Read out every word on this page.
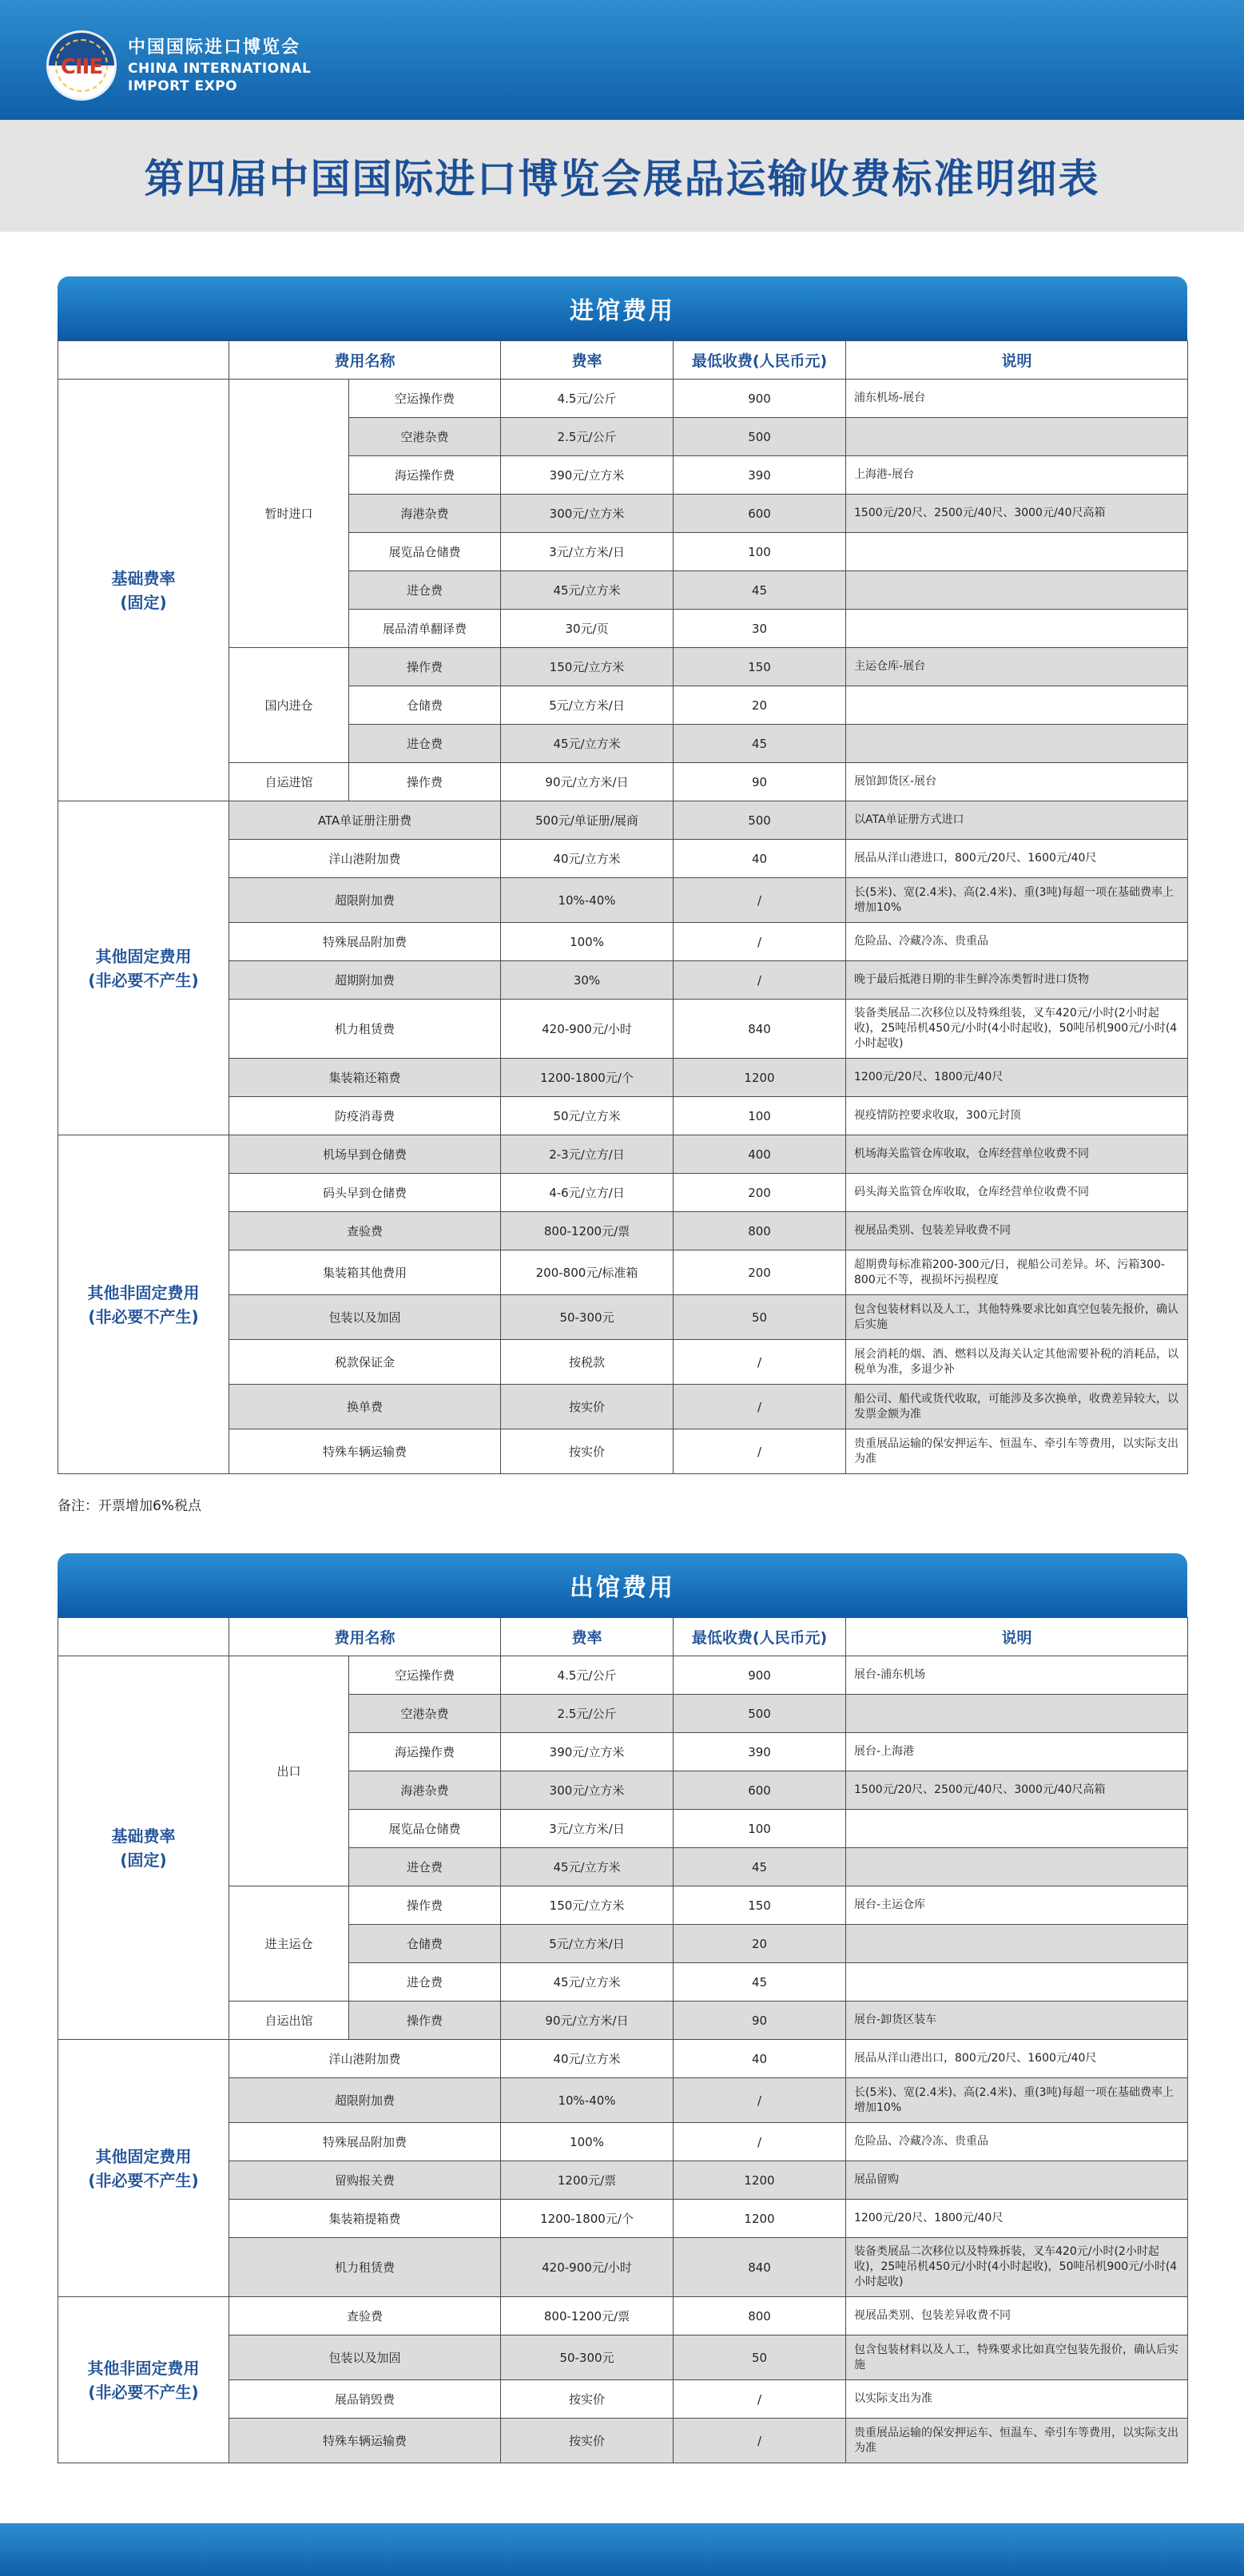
CIIE
中国国际进口博览会
CHINA INTERNATIONAL
IMPORT EXPO
第四届中国国际进口博览会展品运输收费标准明细表
进馆费用
	费用名称		费率	最低收费(人民币元)	说明
基础费率
(固定)	暂时进口	空运操作费	4.5元/公斤	900	浦东机场-展台
		空港杂费	2.5元/公斤	500	
		海运操作费	390元/立方米	390	上海港-展台
		海港杂费	300元/立方米	600	1500元/20尺、2500元/40尺、3000元/40尺高箱
		展览品仓储费	3元/立方米/日	100	
		进仓费	45元/立方米	45	
		展品清单翻译费	30元/页	30	
	国内进仓	操作费	150元/立方米	150	主运仓库-展台
		仓储费	5元/立方米/日	20	
		进仓费	45元/立方米	45	
	自运进馆	操作费	90元/立方米/日	90	展馆卸货区-展台
其他固定费用
(非必要不产生)	ATA单证册注册费		500元/单证册/展商	500	以ATA单证册方式进口
	洋山港附加费		40元/立方米	40	展品从洋山港进口，800元/20尺、1600元/40尺
	超限附加费		10%-40%	/	长(5米)、宽(2.4米)、高(2.4米)、重(3吨)每超一项在基础费率上增加10%
	特殊展品附加费		100%	/	危险品、冷藏冷冻、贵重品
	超期附加费		30%	/	晚于最后抵港日期的非生鲜冷冻类暂时进口货物
	机力租赁费		420-900元/小时	840	装备类展品二次移位以及特殊组装，叉车420元/小时(2小时起收)，25吨吊机450元/小时(4小时起收)，50吨吊机900元/小时(4小时起收)
	集装箱还箱费		1200-1800元/个	1200	1200元/20尺、1800元/40尺
	防疫消毒费		50元/立方米	100	视疫情防控要求收取，300元封顶
其他非固定费用
(非必要不产生)	机场早到仓储费		2-3元/立方/日	400	机场海关监管仓库收取，仓库经营单位收费不同
	码头早到仓储费		4-6元/立方/日	200	码头海关监管仓库收取，仓库经营单位收费不同
	查验费		800-1200元/票	800	视展品类别、包装差异收费不同
	集装箱其他费用		200-800元/标准箱	200	超期费每标准箱200-300元/日，视船公司差异。坏、污箱300-800元不等，视损坏污损程度
	包装以及加固		50-300元	50	包含包装材料以及人工，其他特殊要求比如真空包装先报价，确认后实施
	税款保证金		按税款	/	展会消耗的烟、酒、燃料以及海关认定其他需要补税的消耗品，以税单为准，多退少补
	换单费		按实价	/	船公司、船代或货代收取，可能涉及多次换单，收费差异较大，以发票金额为准
	特殊车辆运输费		按实价	/	贵重展品运输的保安押运车、恒温车、牵引车等费用，以实际支出为准
备注：开票增加6%税点
出馆费用
	费用名称		费率	最低收费(人民币元)	说明
基础费率
(固定)	出口	空运操作费	4.5元/公斤	900	展台-浦东机场
		空港杂费	2.5元/公斤	500	
		海运操作费	390元/立方米	390	展台-上海港
		海港杂费	300元/立方米	600	1500元/20尺、2500元/40尺、3000元/40尺高箱
		展览品仓储费	3元/立方米/日	100	
		进仓费	45元/立方米	45	
	进主运仓	操作费	150元/立方米	150	展台-主运仓库
		仓储费	5元/立方米/日	20	
		进仓费	45元/立方米	45	
	自运出馆	操作费	90元/立方米/日	90	展台-卸货区装车
其他固定费用
(非必要不产生)	洋山港附加费		40元/立方米	40	展品从洋山港出口，800元/20尺、1600元/40尺
	超限附加费		10%-40%	/	长(5米)、宽(2.4米)、高(2.4米)、重(3吨)每超一项在基础费率上增加10%
	特殊展品附加费		100%	/	危险品、冷藏冷冻、贵重品
	留购报关费		1200元/票	1200	展品留购
	集装箱提箱费		1200-1800元/个	1200	1200元/20尺、1800元/40尺
	机力租赁费		420-900元/小时	840	装备类展品二次移位以及特殊拆装，叉车420元/小时(2小时起收)，25吨吊机450元/小时(4小时起收)，50吨吊机900元/小时(4小时起收)
其他非固定费用
(非必要不产生)	查验费		800-1200元/票	800	视展品类别、包装差异收费不同
	包装以及加固		50-300元	50	包含包装材料以及人工，特殊要求比如真空包装先报价，确认后实施
	展品销毁费		按实价	/	以实际支出为准
	特殊车辆运输费		按实价	/	贵重展品运输的保安押运车、恒温车、牵引车等费用，以实际支出为准
